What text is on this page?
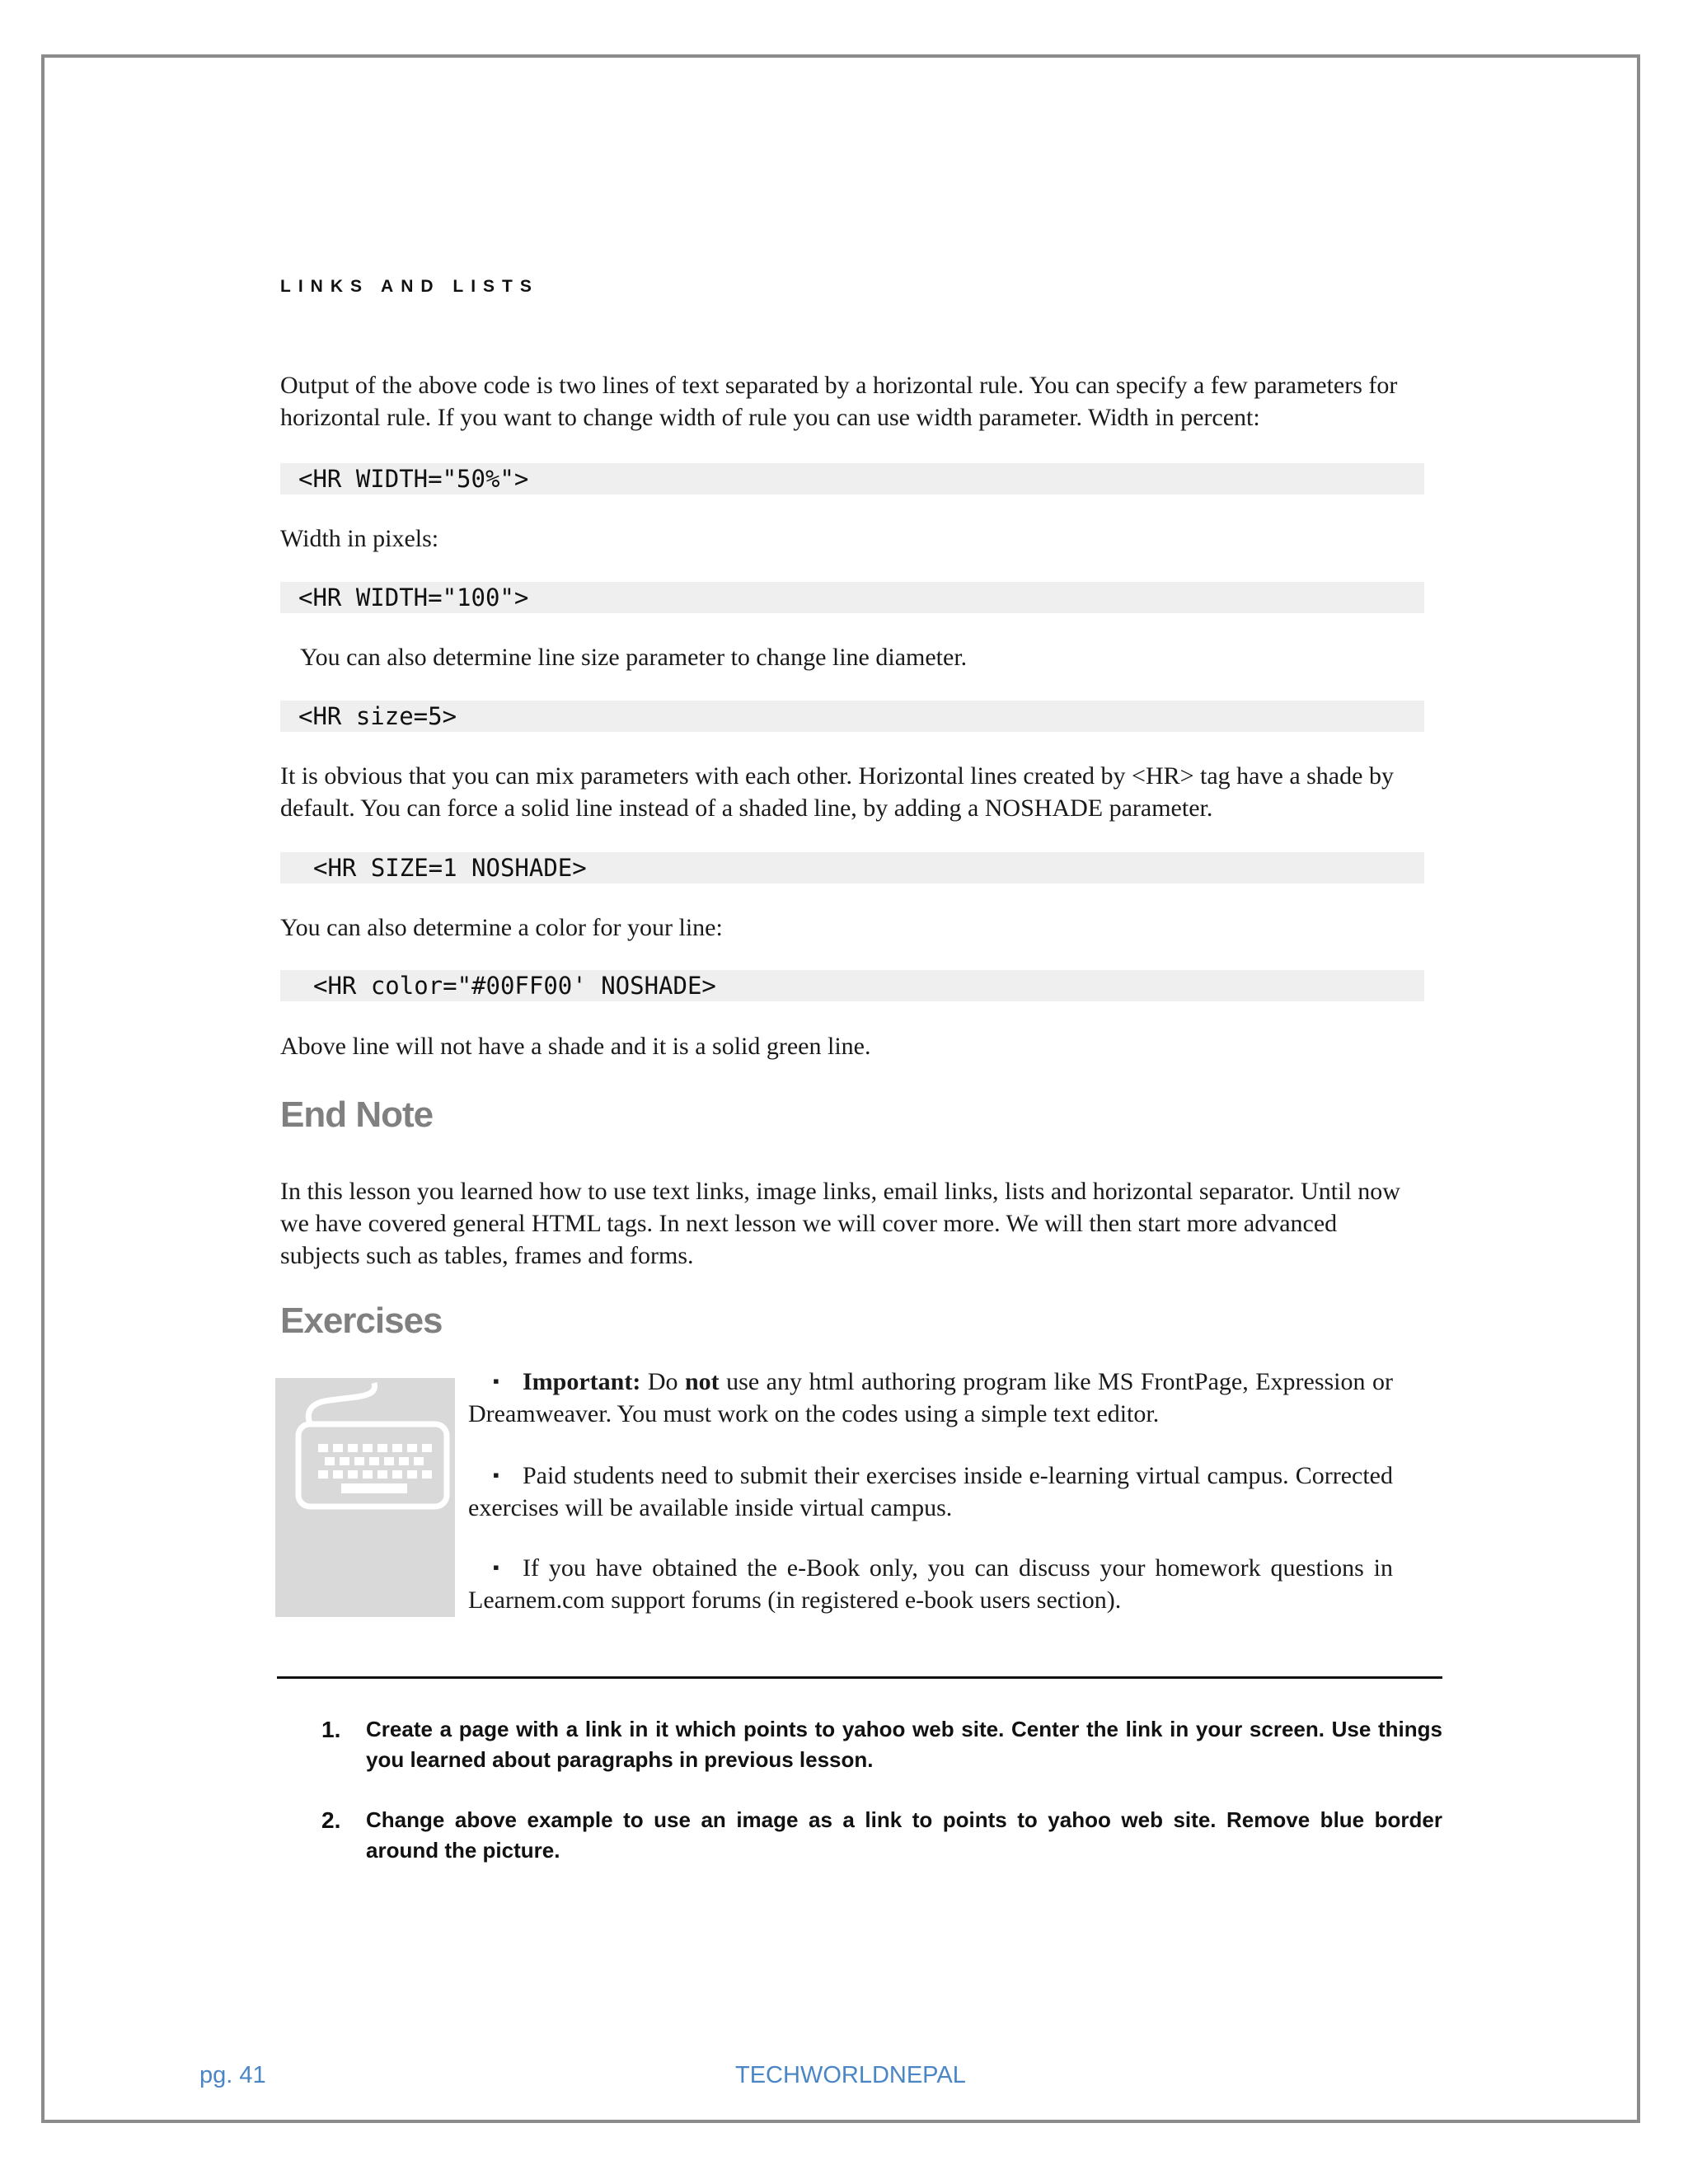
LINKS AND LISTS
Output of the above code is two lines of text separated by a horizontal rule. You can specify a few parameters for horizontal rule. If you want to change width of rule you can use width parameter. Width in percent:
<HR WIDTH="50%">
Width in pixels:
<HR WIDTH="100">
You can also determine line size parameter to change line diameter.
<HR size=5>
It is obvious that you can mix parameters with each other. Horizontal lines created by <HR> tag have a shade by default. You can force a solid line instead of a shaded line, by adding a NOSHADE parameter.
<HR SIZE=1 NOSHADE>
You can also determine a color for your line:
<HR color="#00FF00' NOSHADE>
Above line will not have a shade and it is a solid green line.
End Note
In this lesson you learned how to use text links, image links, email links, lists and horizontal separator. Until now we have covered general HTML tags. In next lesson we will cover more. We will then start more advanced subjects such as tables, frames and forms.
Exercises
▪ Important: Do not use any html authoring program like MS FrontPage, Expression or Dreamweaver. You must work on the codes using a simple text editor.
▪ Paid students need to submit their exercises inside e-learning virtual campus. Corrected exercises will be available inside virtual campus.
▪ If you have obtained the e-Book only, you can discuss your homework questions in Learnem.com support forums (in registered e-book users section).
1. Create a page with a link in it which points to yahoo web site. Center the link in your screen. Use things you learned about paragraphs in previous lesson.
2. Change above example to use an image as a link to points to yahoo web site. Remove blue border around the picture.
pg. 41	TECHWORLDNEPAL
